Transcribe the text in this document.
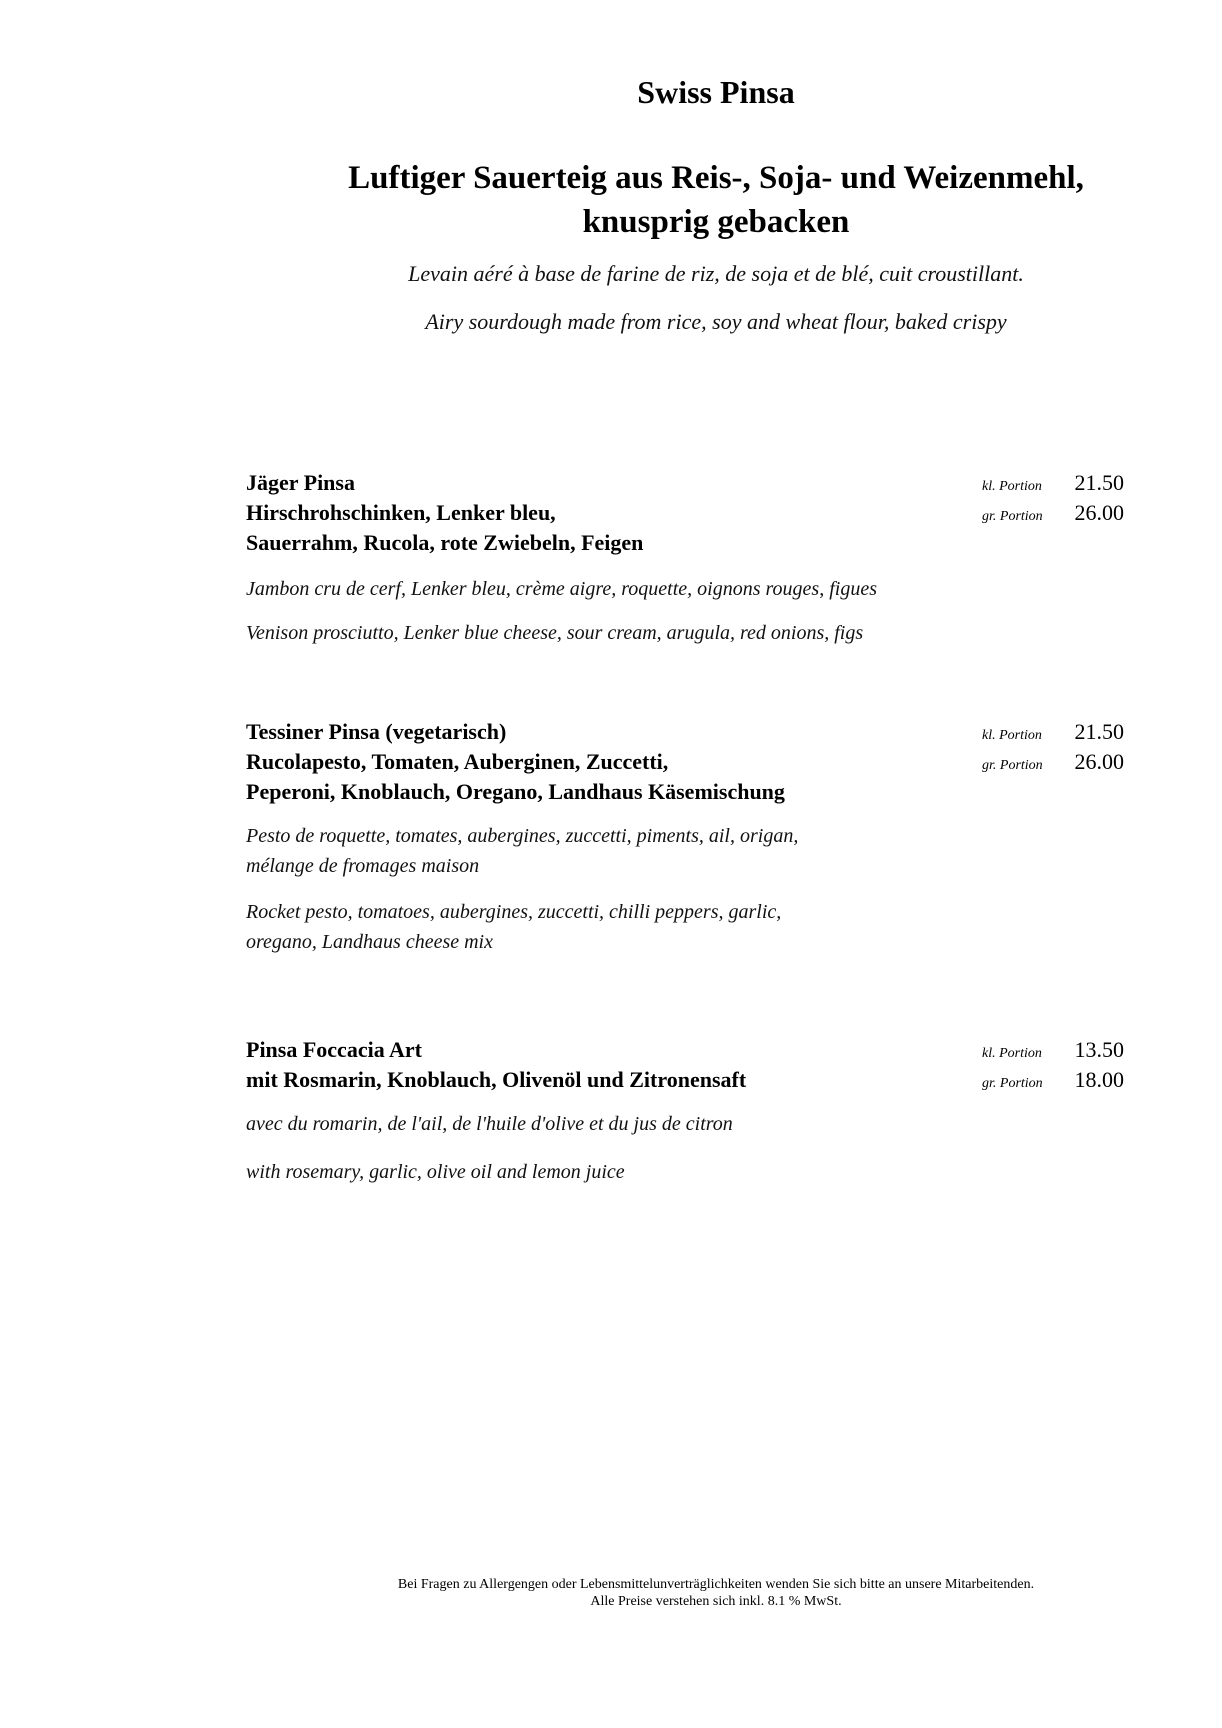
Swiss Pinsa
Luftiger Sauerteig aus Reis-, Soja- und Weizenmehl,
knusprig gebacken
Levain aéré à base de farine de riz, de soja et de blé, cuit croustillant.
Airy sourdough made from rice, soy and wheat flour, baked crispy
Jäger Pinsa
Hirschrohschinken, Lenker bleu,
Sauerrahm, Rucola, rote Zwiebeln, Feigen
Jambon cru de cerf, Lenker bleu, crème aigre, roquette, oignons rouges, figues
Venison prosciutto, Lenker blue cheese, sour cream, arugula, red onions, figs
kl. Portion 21.50
gr. Portion 26.00
Tessiner Pinsa (vegetarisch)
Rucolapesto, Tomaten, Auberginen, Zuccetti,
Peperoni, Knoblauch, Oregano, Landhaus Käsemischung
Pesto de roquette, tomates, aubergines, zuccetti, piments, ail, origan,
mélange de fromages maison
Rocket pesto, tomatoes, aubergines, zuccetti, chilli peppers, garlic,
oregano, Landhaus cheese mix
kl. Portion 21.50
gr. Portion 26.00
Pinsa Foccacia Art
mit Rosmarin, Knoblauch, Olivenöl und Zitronensaft
avec du romarin, de l'ail, de l'huile d'olive et du jus de citron
with rosemary, garlic, olive oil and lemon juice
kl. Portion 13.50
gr. Portion 18.00
Bei Fragen zu Allergengen oder Lebensmittelunverträglichkeiten wenden Sie sich bitte an unsere Mitarbeitenden.
Alle Preise verstehen sich inkl. 8.1 % MwSt.
